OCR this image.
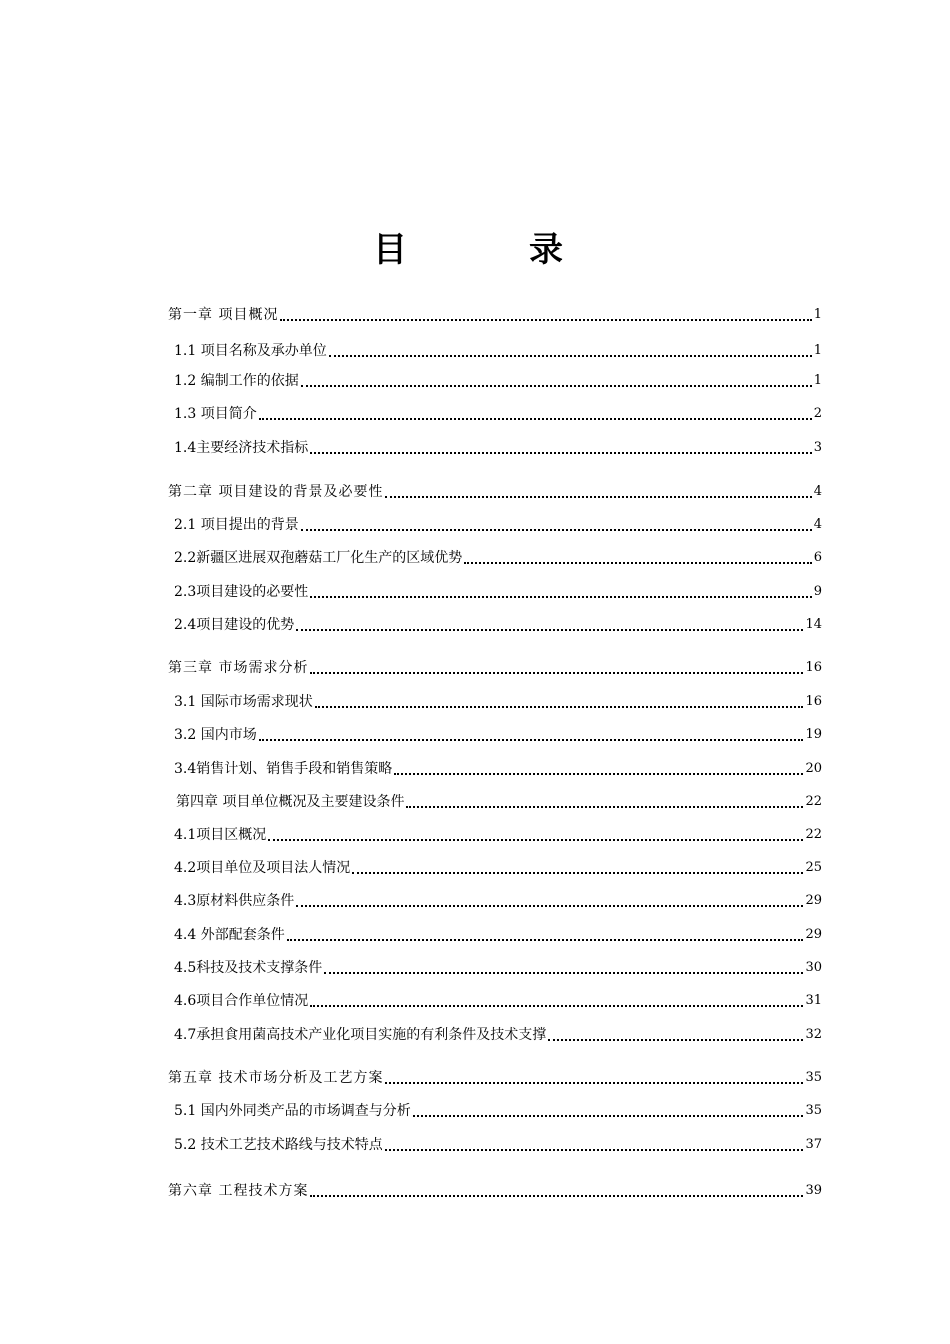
目　录
第一章 项目概况	1
1.1 项目名称及承办单位	1
1.2 编制工作的依据	1
1.3 项目简介	2
1.4主要经济技术指标	3
第二章 项目建设的背景及必要性	4
2.1 项目提出的背景	4
2.2新疆区进展双孢蘑菇工厂化生产的区域优势	6
2.3项目建设的必要性	9
2.4项目建设的优势	14
第三章 市场需求分析	16
3.1 国际市场需求现状	16
3.2 国内市场	19
3.4销售计划、销售手段和销售策略	20
第四章 项目单位概况及主要建设条件	22
4.1项目区概况	22
4.2项目单位及项目法人情况	25
4.3原材料供应条件	29
4.4 外部配套条件	29
4.5科技及技术支撑条件	30
4.6项目合作单位情况	31
4.7承担食用菌高技术产业化项目实施的有利条件及技术支撑	32
第五章 技术市场分析及工艺方案	35
5.1 国内外同类产品的市场调查与分析	35
5.2 技术工艺技术路线与技术特点	37
第六章 工程技术方案	39
